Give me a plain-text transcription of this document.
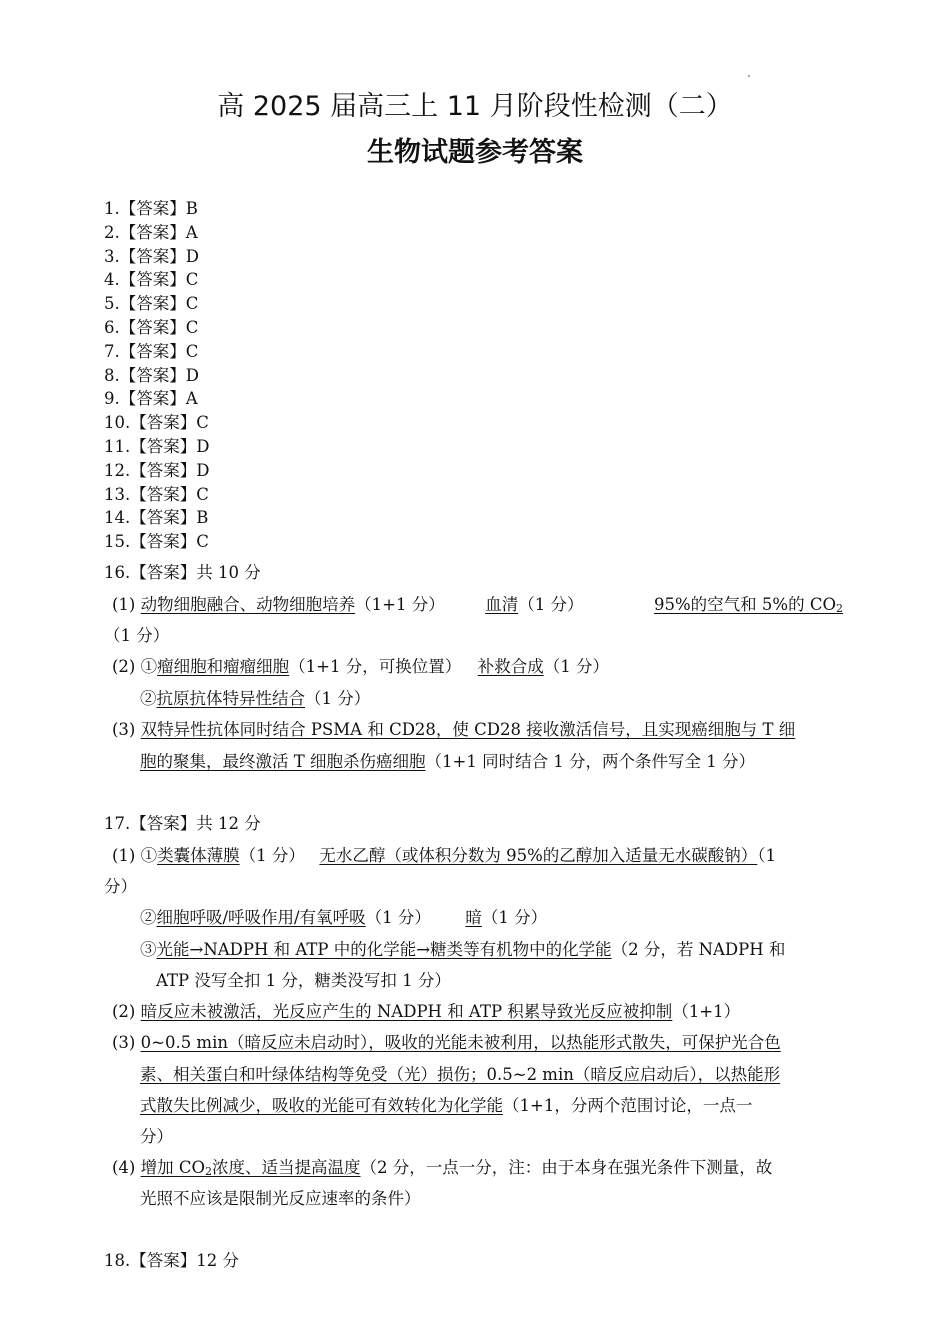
高 2025 届高三上 11 月阶段性检测（二）
生物试题参考答案
1.【答案】B
2.【答案】A
3.【答案】D
4.【答案】C
5.【答案】C
6.【答案】C
7.【答案】C
8.【答案】D
9.【答案】A
10.【答案】C
11.【答案】D
12.【答案】D
13.【答案】C
14.【答案】B
15.【答案】C
16.【答案】共 10 分
(1) 动物细胞融合、动物细胞培养（1+1 分） 血清（1 分）	95%的空气和 5%的 $CO_2$
（1 分）
(2) ①瘤细胞和瘤瘤细胞（1+1 分，可换位置） 补救合成（1 分）
②抗原抗体特异性结合（1 分）
(3) 双特异性抗体同时结合 PSMA 和 CD28，使 CD28 接收激活信号，且实现癌细胞与 T 细
胞的聚集，最终激活 T 细胞杀伤癌细胞（1+1 同时结合 1 分，两个条件写全 1 分）
17.【答案】共 12 分
(1) ①类囊体薄膜（1 分） 无水乙醇（或体积分数为 95%的乙醇加入适量无水碳酸钠）（1
分）
②细胞呼吸/呼吸作用/有氧呼吸（1 分） 暗（1 分）
③光能→NADPH 和 ATP 中的化学能→糖类等有机物中的化学能（2 分，若 NADPH 和
ATP 没写全扣 1 分，糖类没写扣 1 分）
(2) 暗反应未被激活，光反应产生的 NADPH 和 ATP 积累导致光反应被抑制（1+1）
(3) 0~0.5 min（暗反应未启动时），吸收的光能未被利用，以热能形式散失，可保护光合色
素、相关蛋白和叶绿体结构等免受（光）损伤；0.5~2 min（暗反应启动后），以热能形
式散失比例减少，吸收的光能可有效转化为化学能（1+1，分两个范围讨论，一点一
分）
(4) 增加 $CO_2$浓度、适当提高温度（2 分，一点一分，注：由于本身在强光条件下测量，故
光照不应该是限制光反应速率的条件）
18.【答案】12 分
